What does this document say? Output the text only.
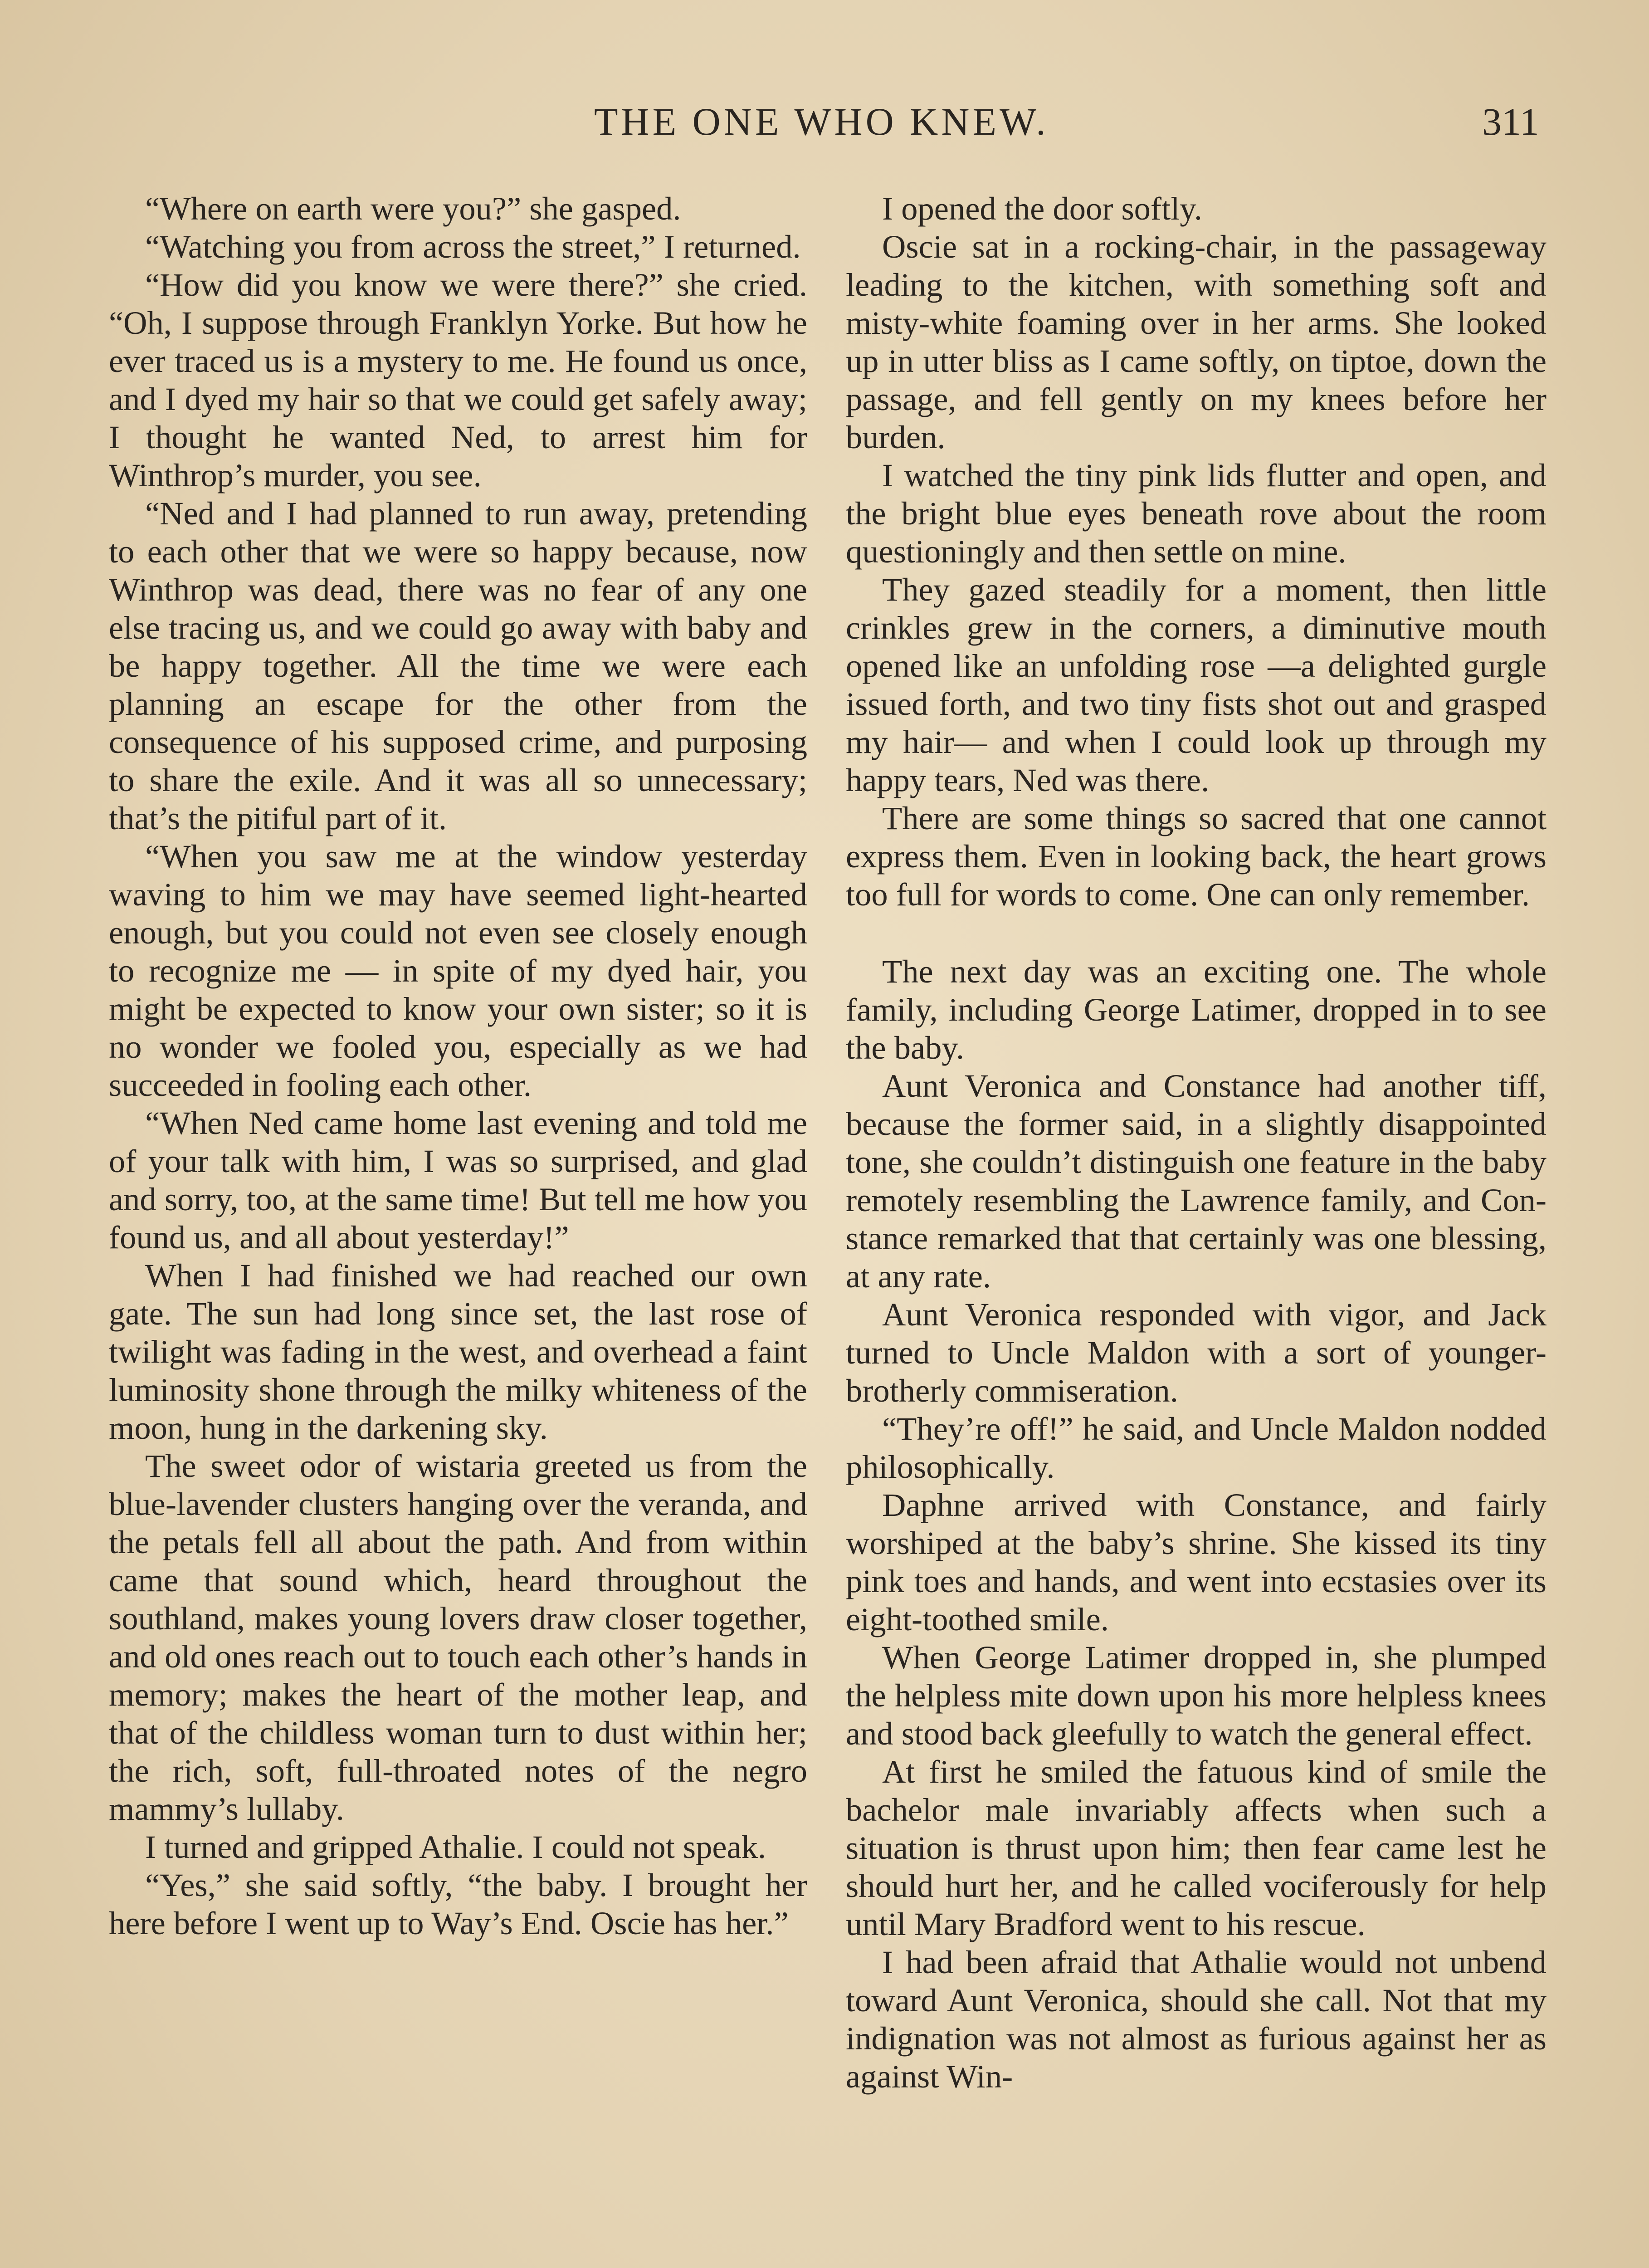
THE ONE WHO KNEW.	311

“Where on earth were you?” she gasped.

“Watching you from across the street,” I returned.

“How did you know we were there?” she cried. “Oh, I suppose through Franklyn Yorke. But how he ever traced us is a mystery to me. He found us once, and I dyed my hair so that we could get safely away; I thought he wanted Ned, to arrest him for Winthrop’s murder, you see.

“Ned and I had planned to run away, pretending to each other that we were so happy because, now Winthrop was dead, there was no fear of any one else tracing us, and we could go away with baby and be happy together. All the time we were each planning an escape for the other from the consequence of his supposed crime, and purposing to share the exile. And it was all so unnecessary; that’s the pitiful part of it.

“When you saw me at the window yesterday waving to him we may have seemed light-hearted enough, but you could not even see closely enough to recognize me — in spite of my dyed hair, you might be expected to know your own sister; so it is no wonder we fooled you, especially as we had succeeded in fooling each other.

“When Ned came home last evening and told me of your talk with him, I was so surprised, and glad and sorry, too, at the same time! But tell me how you found us, and all about yesterday!”

When I had finished we had reached our own gate. The sun had long since set, the last rose of twilight was fading in the west, and overhead a faint luminosity shone through the milky whiteness of the moon, hung in the darkening sky.

The sweet odor of wistaria greeted us from the blue-lavender clusters hanging over the veranda, and the petals fell all about the path. And from within came that sound which, heard throughout the southland, makes young lovers draw closer together, and old ones reach out to touch each other’s hands in memory; makes the heart of the mother leap, and that of the childless woman turn to dust within her; the rich, soft, full-throated notes of the negro mammy’s lullaby.

I turned and gripped Athalie. I could not speak.

“Yes,” she said softly, “the baby. I brought her here before I went up to Way’s End. Oscie has her.”

I opened the door softly.

Oscie sat in a rocking-chair, in the passageway leading to the kitchen, with something soft and misty-white foaming over in her arms. She looked up in utter bliss as I came softly, on tiptoe, down the passage, and fell gently on my knees before her burden.

I watched the tiny pink lids flutter and open, and the bright blue eyes beneath rove about the room questioningly and then settle on mine.

They gazed steadily for a moment, then little crinkles grew in the corners, a diminutive mouth opened like an unfolding rose —a delighted gurgle issued forth, and two tiny fists shot out and grasped my hair— and when I could look up through my happy tears, Ned was there.

There are some things so sacred that one cannot express them. Even in looking back, the heart grows too full for words to come. One can only remember.

The next day was an exciting one. The whole family, including George Latimer, dropped in to see the baby.

Aunt Veronica and Constance had another tiff, because the former said, in a slightly disappointed tone, she couldn’t distinguish one feature in the baby remotely resembling the Lawrence family, and Constance remarked that that certainly was one blessing, at any rate.

Aunt Veronica responded with vigor, and Jack turned to Uncle Maldon with a sort of younger-brotherly commiseration.

“They’re off!” he said, and Uncle Maldon nodded philosophically.

Daphne arrived with Constance, and fairly worshiped at the baby’s shrine. She kissed its tiny pink toes and hands, and went into ecstasies over its eight-toothed smile.

When George Latimer dropped in, she plumped the helpless mite down upon his more helpless knees and stood back gleefully to watch the general effect.

At first he smiled the fatuous kind of smile the bachelor male invariably affects when such a situation is thrust upon him; then fear came lest he should hurt her, and he called vociferously for help until Mary Bradford went to his rescue.

I had been afraid that Athalie would not unbend toward Aunt Veronica, should she call. Not that my indignation was not almost as furious against her as against Win-
